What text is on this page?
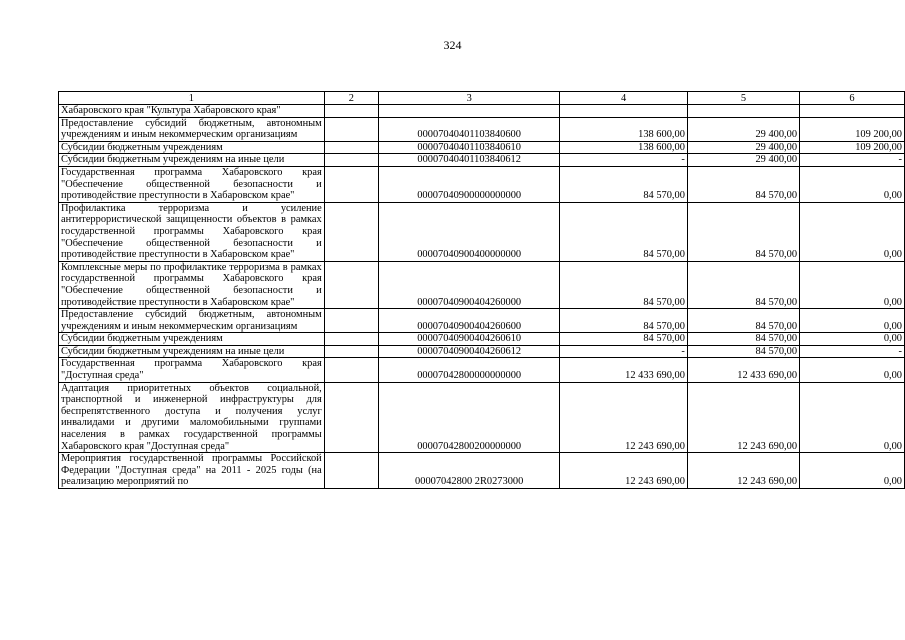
324
1	2	3	4	5	6
Хабаровского края "Культура Хабаровского края"					
Предоставление субсидий бюджетным, автономным учреждениям и иным некоммерческим организациям		00007040401103840600	138 600,00	29 400,00	109 200,00
Субсидии бюджетным учреждениям		00007040401103840610	138 600,00	29 400,00	109 200,00
Субсидии бюджетным учреждениям на иные цели		00007040401103840612	-	29 400,00	-
Государственная программа Хабаровского края "Обеспечение общественной безопасности и противодействие преступности в Хабаровском крае"		00007040900000000000	84 570,00	84 570,00	0,00
Профилактика терроризма и усиление антитеррористической защищенности объектов в рамках государственной программы Хабаровского края "Обеспечение общественной безопасности и противодействие преступности в Хабаровском крае"		00007040900400000000	84 570,00	84 570,00	0,00
Комплексные меры по профилактике терроризма в рамках государственной программы Хабаровского края "Обеспечение общественной безопасности и противодействие преступности в Хабаровском крае"		00007040900404260000	84 570,00	84 570,00	0,00
Предоставление субсидий бюджетным, автономным учреждениям и иным некоммерческим организациям		00007040900404260600	84 570,00	84 570,00	0,00
Субсидии бюджетным учреждениям		00007040900404260610	84 570,00	84 570,00	0,00
Субсидии бюджетным учреждениям на иные цели		00007040900404260612	-	84 570,00	-
Государственная программа Хабаровского края "Доступная среда"		00007042800000000000	12 433 690,00	12 433 690,00	0,00
Адаптация приоритетных объектов социальной, транспортной и инженерной инфраструктуры для беспрепятственного доступа и получения услуг инвалидами и другими маломобильными группами населения в рамках государственной программы Хабаровского края "Доступная среда"		00007042800200000000	12 243 690,00	12 243 690,00	0,00
Мероприятия государственной программы Российской Федерации "Доступная среда" на 2011 - 2025 годы (на реализацию мероприятий по		00007042800 2R0273000	12 243 690,00	12 243 690,00	0,00
